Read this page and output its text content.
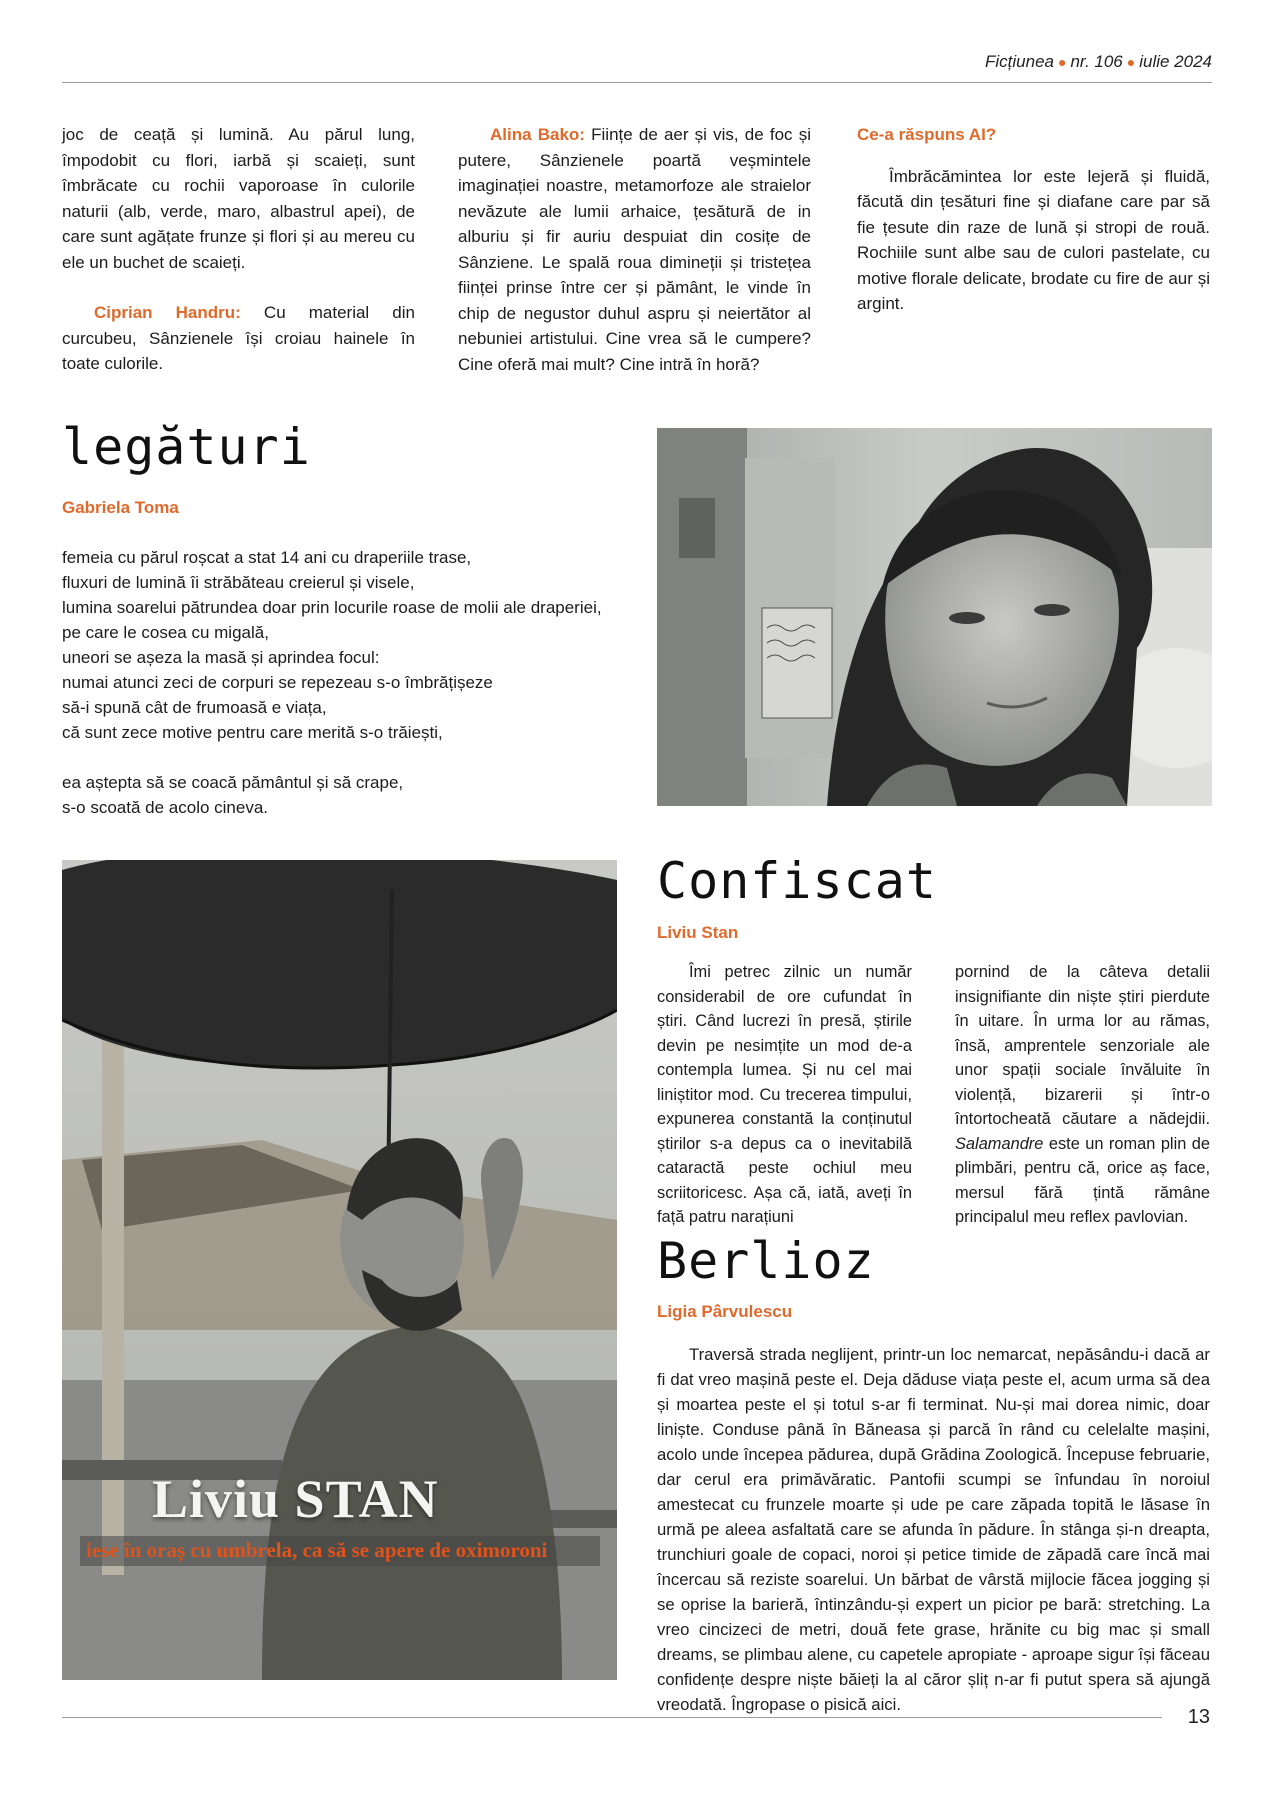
Ficțiunea ● nr. 106 ● iulie 2024

joc de ceață și lumină. Au părul lung, împodobit cu flori, iarbă și scaieți, sunt îmbrăcate cu rochii vaporoase în culorile naturii (alb, verde, maro, albastrul apei), de care sunt agățate frunze și flori și au mereu cu ele un buchet de scaieți.

Ciprian Handru: Cu material din curcubeu, Sânzienele își croiau hainele în toate culorile.

Alina Bako: Ființe de aer și vis, de foc și putere, Sânzienele poartă veșmintele imaginației noastre, metamorfoze ale straielor nevăzute ale lumii arhaice, țesătură de in alburiu și fir auriu despuiat din cosițe de Sânziene. Le spală roua dimineții și tristețea ființei prinse între cer și pământ, le vinde în chip de negustor duhul aspru și neiertător al nebuniei artistului. Cine vrea să le cumpere? Cine oferă mai mult? Cine intră în horă?

Ce-a răspuns AI?

Îmbrăcămintea lor este lejeră și fluidă, făcută din țesături fine și diafane care par să fie țesute din raze de lună și stropi de rouă. Rochiile sunt albe sau de culori pastelate, cu motive florale delicate, brodate cu fire de aur și argint.

legături
Gabriela Toma
femeia cu părul roșcat a stat 14 ani cu draperiile trase,
fluxuri de lumină îi străbăteau creierul și visele,
lumina soarelui pătrundea doar prin locurile roase de molii ale draperiei,
pe care le cosea cu migală,
uneori se așeza la masă și aprindea focul:
numai atunci zeci de corpuri se repezeau s-o îmbrățișeze
să-i spună cât de frumoasă e viața,
că sunt zece motive pentru care merită s-o trăiești,
ea aștepta să se coacă pământul și să crape,
s-o scoată de acolo cineva.
Liviu STAN
iese în oraș cu umbrela, ca să se apere de oximoroni
Confiscat
Liviu Stan

Îmi petrec zilnic un număr considerabil de ore cufundat în știri. Când lucrezi în presă, știrile devin pe nesimțite un mod de-a contempla lumea. Și nu cel mai liniștitor mod. Cu trecerea timpului, expunerea constantă la conținutul știrilor s-a depus ca o inevitabilă cataractă peste ochiul meu scriitoricesc. Așa că, iată, aveți în față patru narațiuni

pornind de la câteva detalii insignifiante din niște știri pierdute în uitare. În urma lor au rămas, însă, amprentele senzoriale ale unor spații sociale învăluite în violență, bizarerii și într-o întortocheată căutare a nădejdii. Salamandre este un roman plin de plimbări, pentru că, orice aș face, mersul fără țintă rămâne principalul meu reflex pavlovian.

Berlioz
Ligia Pârvulescu

Traversă strada neglijent, printr-un loc nemarcat, nepăsându-i dacă ar fi dat vreo mașină peste el. Deja dăduse viața peste el, acum urma să dea și moartea peste el și totul s-ar fi terminat. Nu-și mai dorea nimic, doar liniște. Conduse până în Băneasa și parcă în rând cu celelalte mașini, acolo unde începea pădurea, după Grădina Zoologică. Începuse februarie, dar cerul era primăvăratic. Pantofii scumpi se înfundau în noroiul amestecat cu frunzele moarte și ude pe care zăpada topită le lăsase în urmă pe aleea asfaltată care se afunda în pădure. În stânga și-n dreapta, trunchiuri goale de copaci, noroi și petice timide de zăpadă care încă mai încercau să reziste soarelui. Un bărbat de vârstă mijlocie făcea jogging și se oprise la barieră, întinzându-și expert un picior pe bară: stretching. La vreo cincizeci de metri, două fete grase, hrănite cu big mac și small dreams, se plimbau alene, cu capetele apropiate - aproape sigur își făceau confidențe despre niște băieți la al căror șliț n-ar fi putut spera să ajungă vreodată. Îngropase o pisică aici.

13
